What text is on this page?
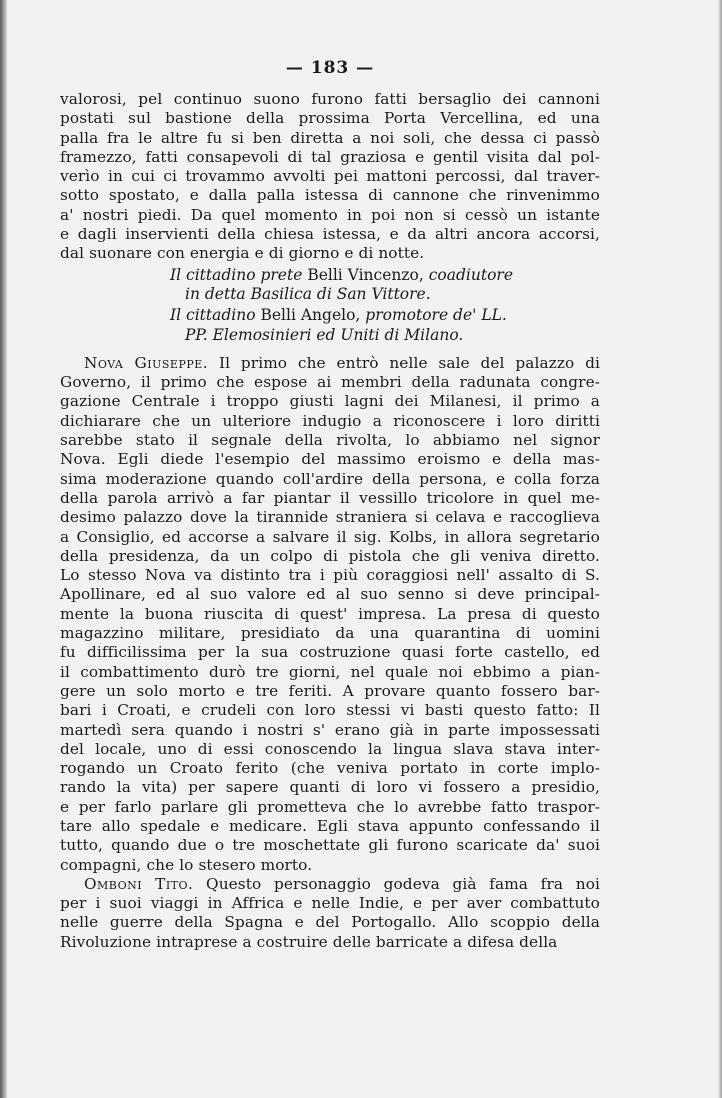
— 183 —

valorosi, pel continuo suono furono fatti bersaglio dei cannoni
postati sul bastione della prossima Porta Vercellina, ed una
palla fra le altre fu si ben diretta a noi soli, che dessa ci passò
framezzo, fatti consapevoli di tal graziosa e gentil visita dal pol-
verìo in cui ci trovammo avvolti pei mattoni percossi, dal traver-
sotto spostato, e dalla palla istessa di cannone che rinvenimmo
a' nostri piedi. Da quel momento in poi non si cessò un istante
e dagli inservienti della chiesa istessa, e da altri ancora accorsi,
dal suonare con energia e di giorno e di notte.

Il cittadino prete Belli Vincenzo, coadiutore
in detta Basilica di San Vittore.
Il cittadino Belli Angelo, promotore de' LL.
PP. Elemosinieri ed Uniti di Milano.

Nova Giuseppe. Il primo che entrò nelle sale del palazzo di
Governo, il primo che espose ai membri della radunata congre-
gazione Centrale i troppo giusti lagni dei Milanesi, il primo a
dichiarare che un ulteriore indugio a riconoscere i loro diritti
sarebbe stato il segnale della rivolta, lo abbiamo nel signor
Nova. Egli diede l'esempio del massimo eroismo e della mas-
sima moderazione quando coll'ardire della persona, e colla forza
della parola arrivò a far piantar il vessillo tricolore in quel me-
desimo palazzo dove la tirannide straniera si celava e raccoglieva
a Consiglio, ed accorse a salvare il sig. Kolbs, in allora segretario
della presidenza, da un colpo di pistola che gli veniva diretto.
Lo stesso Nova va distinto tra i più coraggiosi nell' assalto di S.
Apollinare, ed al suo valore ed al suo senno si deve principal-
mente la buona riuscita di quest' impresa. La presa di questo
magazzino militare, presidiato da una quarantina di uomini
fu difficilissima per la sua costruzione quasi forte castello, ed
il combattimento durò tre giorni, nel quale noi ebbimo a pian-
gere un solo morto e tre feriti. A provare quanto fossero bar-
bari i Croati, e crudeli con loro stessi vi basti questo fatto: Il
martedì sera quando i nostri s' erano già in parte impossessati
del locale, uno di essi conoscendo la lingua slava stava inter-
rogando un Croato ferito (che veniva portato in corte implo-
rando la vita) per sapere quanti di loro vi fossero a presidio,
e per farlo parlare gli prometteva che lo avrebbe fatto traspor-
tare allo spedale e medicare. Egli stava appunto confessando il
tutto, quando due o tre moschettate gli furono scaricate da' suoi
compagni, che lo stesero morto.

Omboni Tito. Questo personaggio godeva già fama fra noi
per i suoi viaggi in Affrica e nelle Indie, e per aver combattuto
nelle guerre della Spagna e del Portogallo. Allo scoppio della
Rivoluzione intraprese a costruire delle barricate a difesa della
